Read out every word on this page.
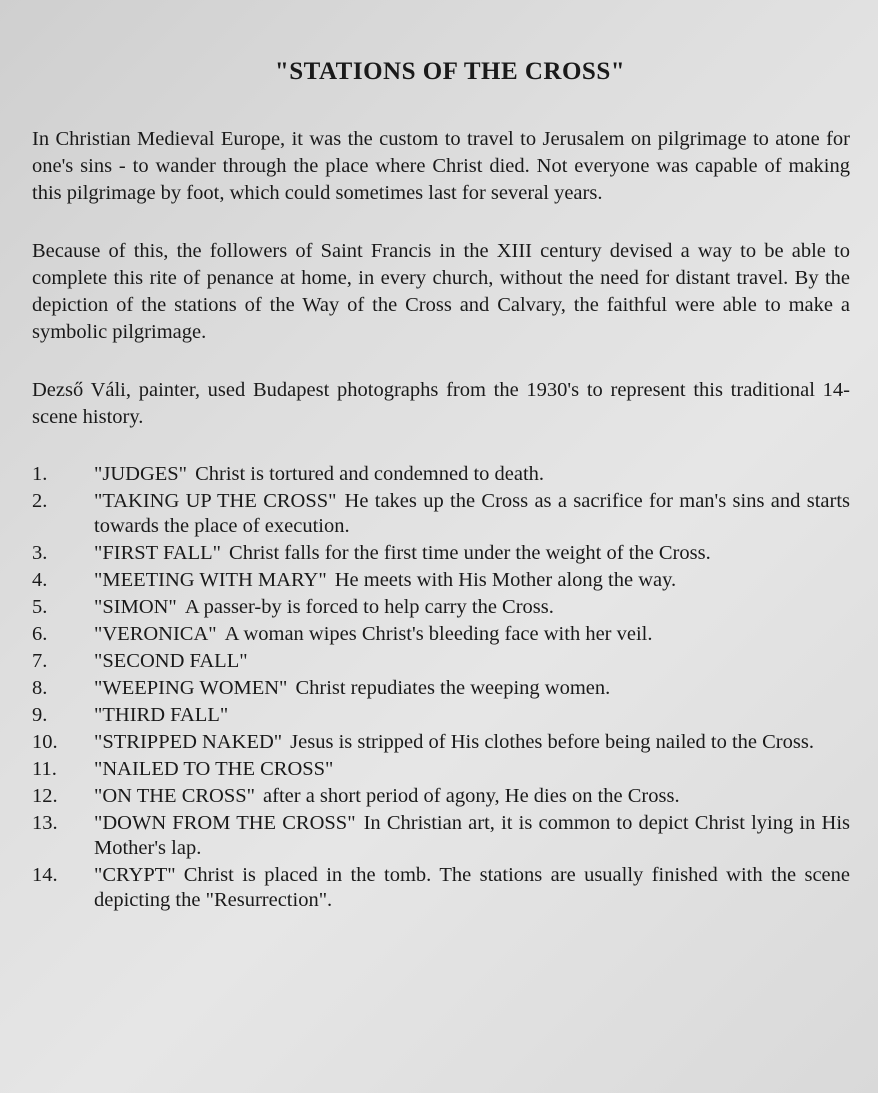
"STATIONS OF THE CROSS"

In Christian Medieval Europe, it was the custom to travel to Jerusalem on pilgrimage to atone for one's sins - to wander through the place where Christ died. Not everyone was capable of making this pilgrimage by foot, which could sometimes last for several years.

Because of this, the followers of Saint Francis in the XIII century devised a way to be able to complete this rite of penance at home, in every church, without the need for distant travel. By the depiction of the stations of the Way of the Cross and Calvary, the faithful were able to make a symbolic pilgrimage.

Dezső Váli, painter, used Budapest photographs from the 1930's to represent this traditional 14-scene history.

1.	"JUDGES" Christ is tortured and condemned to death.
2.	"TAKING UP THE CROSS" He takes up the Cross as a sacrifice for man's sins and starts towards the place of execution.
3.	"FIRST FALL" Christ falls for the first time under the weight of the Cross.
4.	"MEETING WITH MARY" He meets with His Mother along the way.
5.	"SIMON" A passer-by is forced to help carry the Cross.
6.	"VERONICA" A woman wipes Christ's bleeding face with her veil.
7.	"SECOND FALL"
8.	"WEEPING WOMEN" Christ repudiates the weeping women.
9.	"THIRD FALL"
10.	"STRIPPED NAKED" Jesus is stripped of His clothes before being nailed to the Cross.
11.	"NAILED TO THE CROSS"
12.	"ON THE CROSS" after a short period of agony, He dies on the Cross.
13.	"DOWN FROM THE CROSS" In Christian art, it is common to depict Christ lying in His Mother's lap.
14.	"CRYPT" Christ is placed in the tomb. The stations are usually finished with the scene depicting the "Resurrection".
